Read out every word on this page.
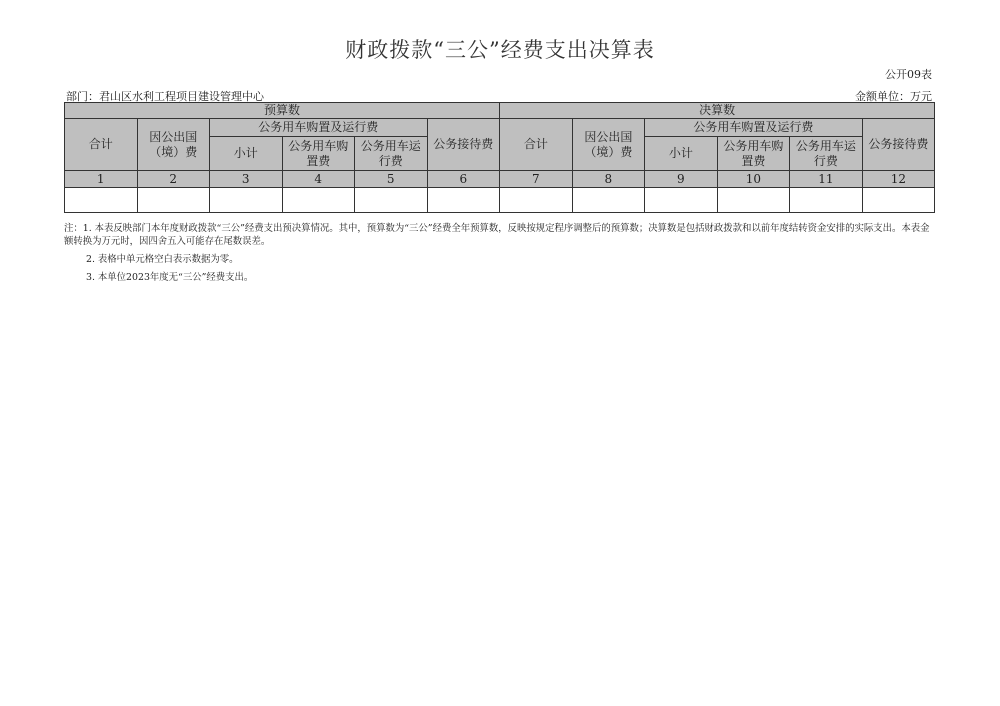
财政拨款“三公”经费支出决算表
公开09表
部门：君山区水利工程项目建设管理中心	金额单位：万元
预算数						决算数					
合计	因公出国（境）费	公务用车购置及运行费			公务接待费	合计	因公出国（境）费	公务用车购置及运行费			公务接待费
		小计	公务用车购置费	公务用车运行费				小计	公务用车购置费	公务用车运行费	
1	2	3	4	5	6	7	8	9	10	11	12

注：1. 本表反映部门本年度财政拨款“三公”经费支出预决算情况。其中，预算数为“三公”经费全年预算数，反映按规定程序调整后的预算数；决算数是包括财政拨款和以前年度结转资金安排的实际支出。本表金额转换为万元时，因四舍五入可能存在尾数误差。

2. 表格中单元格空白表示数据为零。

3. 本单位2023年度无“三公”经费支出。
